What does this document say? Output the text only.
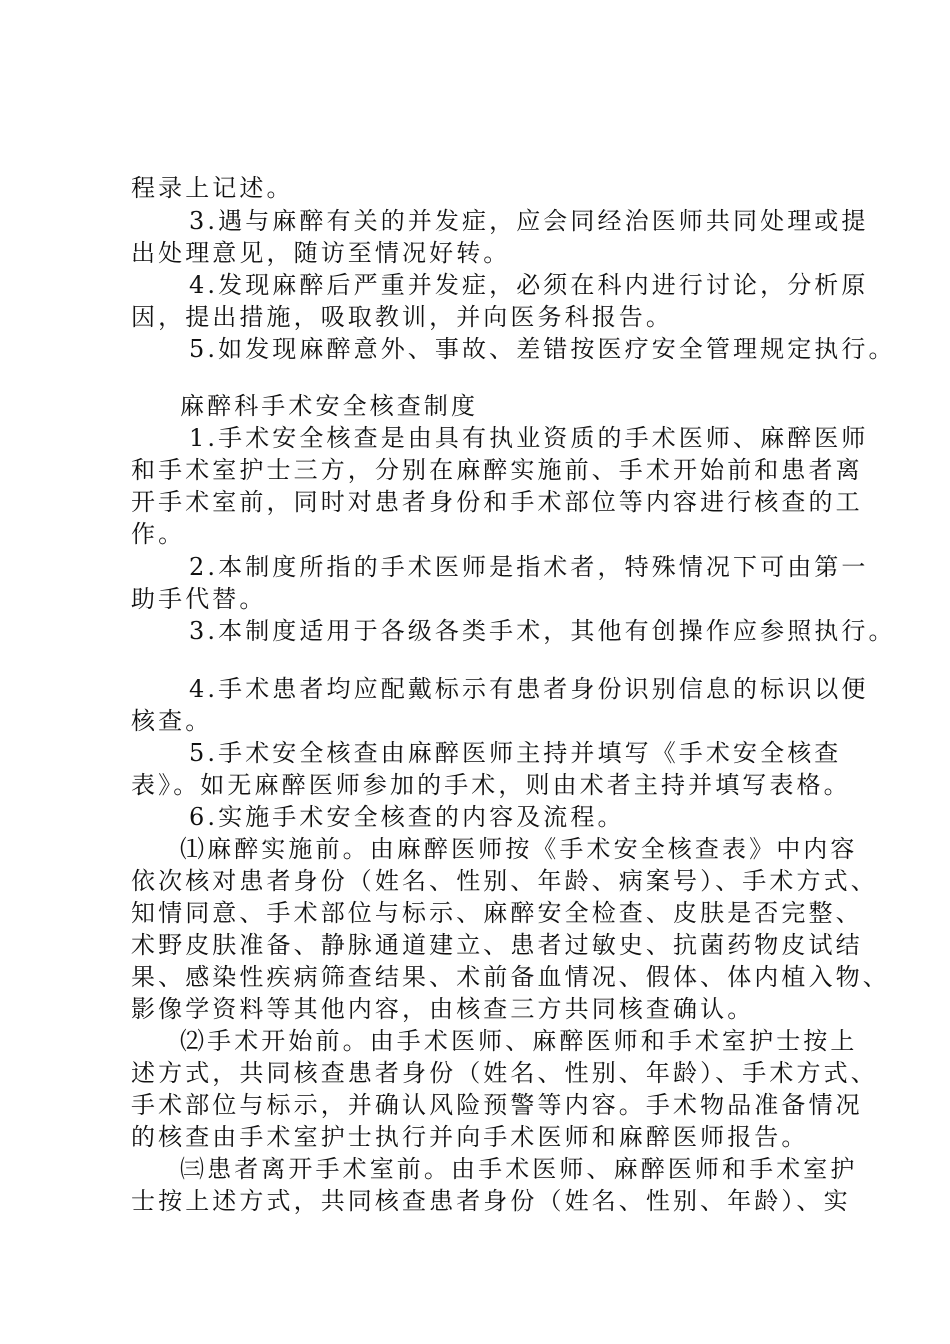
程录上记述。
3.遇与麻醉有关的并发症，应会同经治医师共同处理或提
出处理意见，随访至情况好转。
4.发现麻醉后严重并发症，必须在科内进行讨论，分析原
因，提出措施，吸取教训，并向医务科报告。
5.如发现麻醉意外、事故、差错按医疗安全管理规定执行。
麻醉科手术安全核查制度
1.手术安全核查是由具有执业资质的手术医师、麻醉医师
和手术室护士三方，分别在麻醉实施前、手术开始前和患者离
开手术室前，同时对患者身份和手术部位等内容进行核查的工
作。
2.本制度所指的手术医师是指术者，特殊情况下可由第一
助手代替。
3.本制度适用于各级各类手术，其他有创操作应参照执行。
4.手术患者均应配戴标示有患者身份识别信息的标识以便
核查。
5.手术安全核查由麻醉医师主持并填写《手术安全核查
表》。如无麻醉医师参加的手术，则由术者主持并填写表格。
6.实施手术安全核查的内容及流程。
⑴麻醉实施前。由麻醉医师按《手术安全核查表》中内容
依次核对患者身份（姓名、性别、年龄、病案号）、手术方式、
知情同意、手术部位与标示、麻醉安全检查、皮肤是否完整、
术野皮肤准备、静脉通道建立、患者过敏史、抗菌药物皮试结
果、感染性疾病筛查结果、术前备血情况、假体、体内植入物、
影像学资料等其他内容，由核查三方共同核查确认。
⑵手术开始前。由手术医师、麻醉医师和手术室护士按上
述方式，共同核查患者身份（姓名、性别、年龄）、手术方式、
手术部位与标示，并确认风险预警等内容。手术物品准备情况
的核查由手术室护士执行并向手术医师和麻醉医师报告。
㈢患者离开手术室前。由手术医师、麻醉医师和手术室护
士按上述方式，共同核查患者身份（姓名、性别、年龄）、实
